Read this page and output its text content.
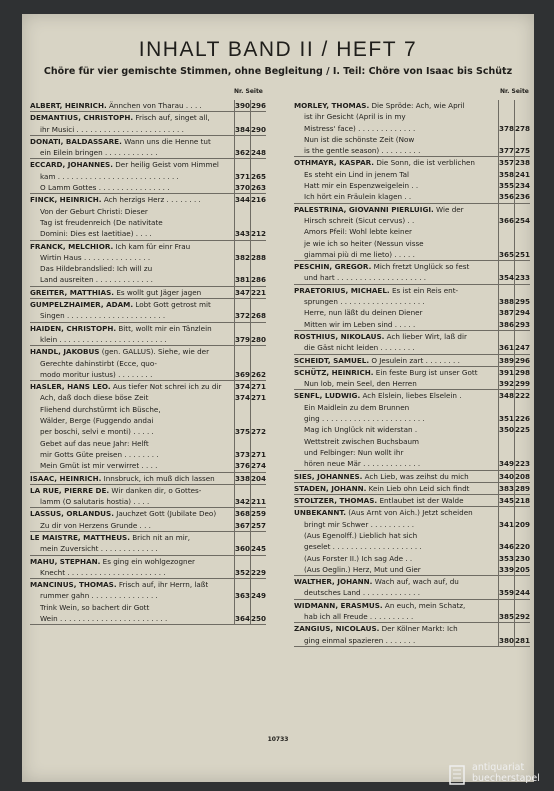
INHALT BAND II / HEFT 7
Chöre für vier gemischte Stimmen, ohne Begleitung / I. Teil: Chöre von Isaac bis Schütz
Nr. Seite	Nr. Seite
ALBERT, HEINRICH. Ännchen von Tharau . . . .	390 296
DEMANTIUS, CHRISTOPH. Frisch auf, singet all,
ihr Musici . . . . . . . . . . . . . . . . . . . . . . . .	384 290
DONATI, BALDASSARE. Wann uns die Henne tut
ein Eilein bringen . . . . . . . . . . . .	362 248
ECCARD, JOHANNES. Der heilig Geist vom Himmel
kam . . . . . . . . . . . . . . . . . . . . . . . . . . .	371 265
O Lamm Gottes . . . . . . . . . . . . . . . .	370 263
FINCK, HEINRICH. Ach herzigs Herz . . . . . . . .	344 216
Von der Geburt Christi: Dieser
Tag ist freudenreich (De nativitate
Domini: Dies est laetitiae) . . . .	343 212
FRANCK, MELCHIOR. Ich kam für einr Frau
Wirtin Haus . . . . . . . . . . . . . . .	382 288
Das Hildebrandslied: Ich will zu
Land ausreiten . . . . . . . . . . . . .	381 286
GREITER, MATTHIAS. Es wollt gut Jäger jagen	347 221
GUMPELZHAIMER, ADAM. Lobt Gott getrost mit
Singen . . . . . . . . . . . . . . . . . . . . . .	372 268
HAIDEN, CHRISTOPH. Bitt, wollt mir ein Tänzlein
klein . . . . . . . . . . . . . . . . . . . . . . . .	379 280
HANDL, JAKOBUS (gen. GALLUS). Siehe, wie der
Gerechte dahinstirbt (Ecce, quo-
modo moritur iustus) . . . . . . . .	369 262
HASLER, HANS LEO. Aus tiefer Not schrei ich zu dir	374 271
Ach, daß doch diese böse Zeit	374 271
Fliehend durchstürmt ich Büsche,
Wälder, Berge (Fuggendo andai
per boschi, selvi e monti) . . . . .	375 272
Gebet auf das neue Jahr: Helft
mir Gotts Güte preisen . . . . . . . .	373 271
Mein Gmüt ist mir verwirret . . . .	376 274
ISAAC, HEINRICH. Innsbruck, ich muß dich lassen	338 204
LA RUE, PIERRE DE. Wir danken dir, o Gottes-
lamm (O salutaris hostia) . . . .	342 211
LASSUS, ORLANDUS. Jauchzet Gott (Jubilate Deo)	368 259
Zu dir von Herzens Grunde . . .	367 257
LE MAISTRE, MATTHEUS. Brich nit an mir,
mein Zuversicht . . . . . . . . . . . . .	360 245
MAHU, STEPHAN. Es ging ein wohlgezogner
Knecht . . . . . . . . . . . . . . . . . . . . . .	352 229
MANCINUS, THOMAS. Frisch auf, ihr Herrn, laßt
rummer gahn . . . . . . . . . . . . . . .	363 249
Trink Wein, so bachert dir Gott
Wein . . . . . . . . . . . . . . . . . . . . . . . .	364 250
MORLEY, THOMAS. Die Spröde: Ach, wie April
ist ihr Gesicht (April is in my
Mistress' face) . . . . . . . . . . . . .	378 278
Nun ist die schönste Zeit (Now
is the gentle season) . . . . . . . . .	377 275
OTHMAYR, KASPAR. Die Sonn, die ist verblichen	357 238
Es steht ein Lind in jenem Tal	358 241
Hatt mir ein Espenzweigelein . .	355 234
Ich hört ein Fräulein klagen . .	356 236
PALESTRINA, GIOVANNI PIERLUIGI. Wie der
Hirsch schreit (Sicut cervus) . .	366 254
Amors Pfeil: Wohl lebte keiner
je wie ich so heiter (Nessun visse
giammai più di me lieto) . . . . .	365 251
PESCHIN, GREGOR. Mich fretzt Unglück so fest
und hart . . . . . . . . . . . . . . . . . . . .	354 233
PRAETORIUS, MICHAEL. Es ist ein Reis ent-
sprungen . . . . . . . . . . . . . . . . . . .	388 295
Herre, nun läßt du deinen Diener	387 294
Mitten wir im Leben sind . . . . .	386 293
ROSTHIUS, NIKOLAUS. Ach lieber Wirt, laß dir
die Gäst nicht leiden . . . . . . . .	361 247
SCHEIDT, SAMUEL. O Jesulein zart . . . . . . . .	389 296
SCHÜTZ, HEINRICH. Ein feste Burg ist unser Gott	391 298
Nun lob, mein Seel, den Herren	392 299
SENFL, LUDWIG. Ach Elslein, liebes Elselein .	348 222
Ein Maidlein zu dem Brunnen
ging . . . . . . . . . . . . . . . . . . . . . . .	351 226
Mag ich Unglück nit widerstan .	350 225
Wettstreit zwischen Buchsbaum
und Felbinger: Nun wollt ihr
hören neue Mär . . . . . . . . . . . . .	349 223
SIES, JOHANNES. Ach Lieb, was zeihst du mich	340 208
STADEN, JOHANN. Kein Lieb ohn Leid sich findt	383 289
STOLTZER, THOMAS. Entlaubet ist der Walde	345 218
UNBEKANNT. (Aus Arnt von Aich.) Jetzt scheiden
bringt mir Schwer . . . . . . . . . .	341 209
(Aus Egenolff.) Lieblich hat sich
geselet . . . . . . . . . . . . . . . . . . . .	346 220
(Aus Forster II.) Ich sag Ade . .	353 230
(Aus Oeglin.) Herz, Mut und Gier	339 205
WALTHER, JOHANN. Wach auf, wach auf, du
deutsches Land . . . . . . . . . . . . .	359 244
WIDMANN, ERASMUS. An euch, mein Schatz,
hab ich all Freude . . . . . . . . . .	385 292
ZANGIUS, NICOLAUS. Der Kölner Markt: Ich
ging einmal spazieren . . . . . . .	380 281
10733
antiquariat
buecherstapel
